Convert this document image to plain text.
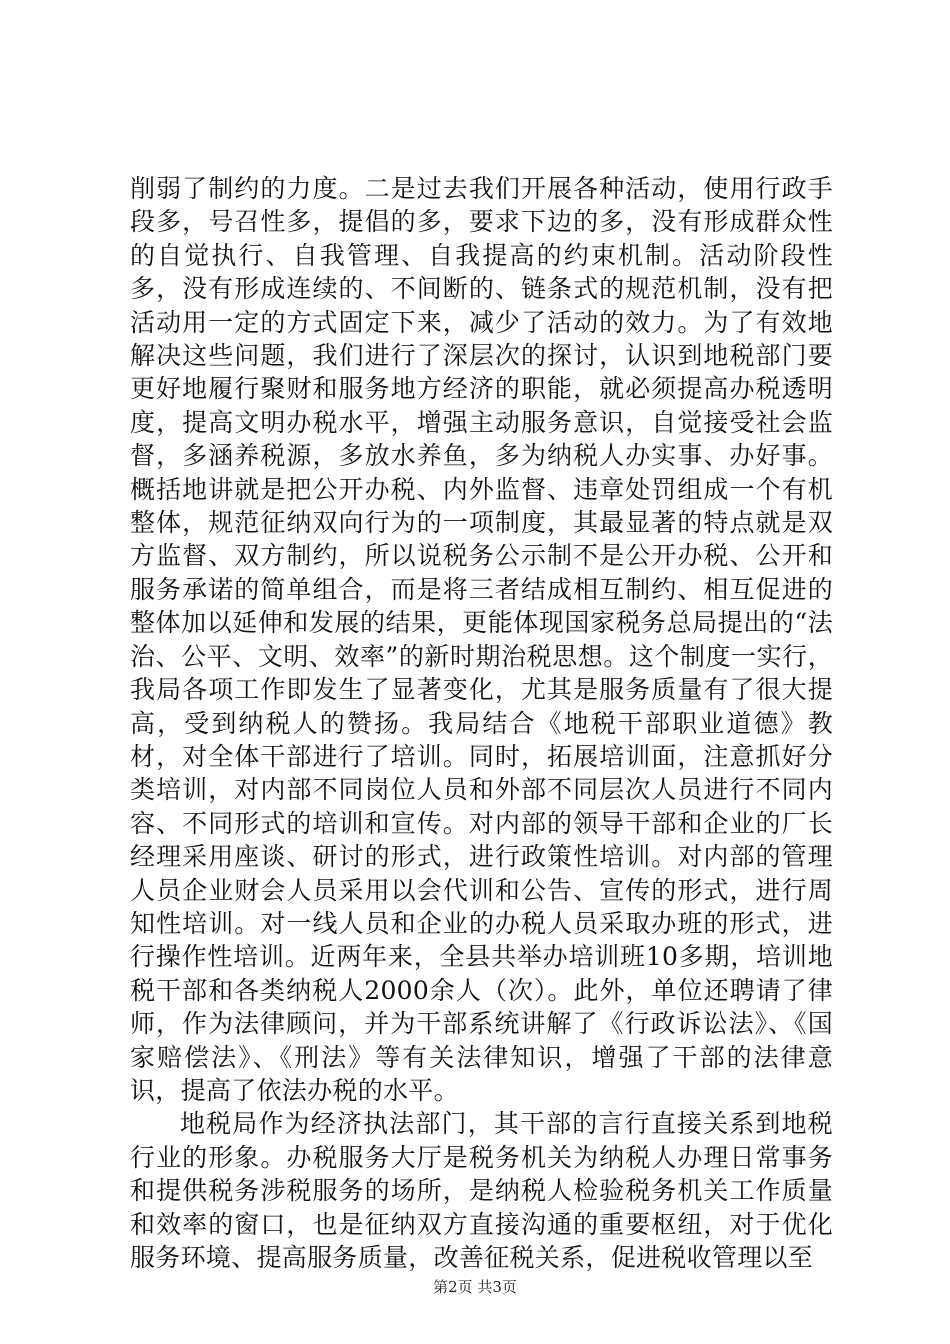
削弱了制约的力度。二是过去我们开展各种活动，使用行政手段多，号召性多，提倡的多，要求下边的多，没有形成群众性的自觉执行、自我管理、自我提高的约束机制。活动阶段性多，没有形成连续的、不间断的、链条式的规范机制，没有把活动用一定的方式固定下来，减少了活动的效力。为了有效地解决这些问题，我们进行了深层次的探讨，认识到地税部门要更好地履行聚财和服务地方经济的职能，就必须提高办税透明度，提高文明办税水平，增强主动服务意识，自觉接受社会监督，多涵养税源，多放水养鱼，多为纳税人办实事、办好事。概括地讲就是把公开办税、内外监督、违章处罚组成一个有机整体，规范征纳双向行为的一项制度，其最显著的特点就是双方监督、双方制约，所以说税务公示制不是公开办税、公开和服务承诺的简单组合，而是将三者结成相互制约、相互促进的整体加以延伸和发展的结果，更能体现国家税务总局提出的“法治、公平、文明、效率”的新时期治税思想。这个制度一实行，我局各项工作即发生了显著变化，尤其是服务质量有了很大提高，受到纳税人的赞扬。我局结合《地税干部职业道德》教材，对全体干部进行了培训。同时，拓展培训面，注意抓好分类培训，对内部不同岗位人员和外部不同层次人员进行不同内容、不同形式的培训和宣传。对内部的领导干部和企业的厂长经理采用座谈、研讨的形式，进行政策性培训。对内部的管理人员企业财会人员采用以会代训和公告、宣传的形式，进行周知性培训。对一线人员和企业的办税人员采取办班的形式，进行操作性培训。近两年来，全县共举办培训班10多期，培训地税干部和各类纳税人2000余人（次）。此外，单位还聘请了律师，作为法律顾问，并为干部系统讲解了《行政诉讼法》、《国家赔偿法》、《刑法》等有关法律知识，增强了干部的法律意识，提高了依法办税的水平。

地税局作为经济执法部门，其干部的言行直接关系到地税行业的形象。办税服务大厅是税务机关为纳税人办理日常事务和提供税务涉税服务的场所，是纳税人检验税务机关工作质量和效率的窗口，也是征纳双方直接沟通的重要枢纽，对于优化服务环境、提高服务质量，改善征税关系，促进税收管理以至

第2页 共3页
